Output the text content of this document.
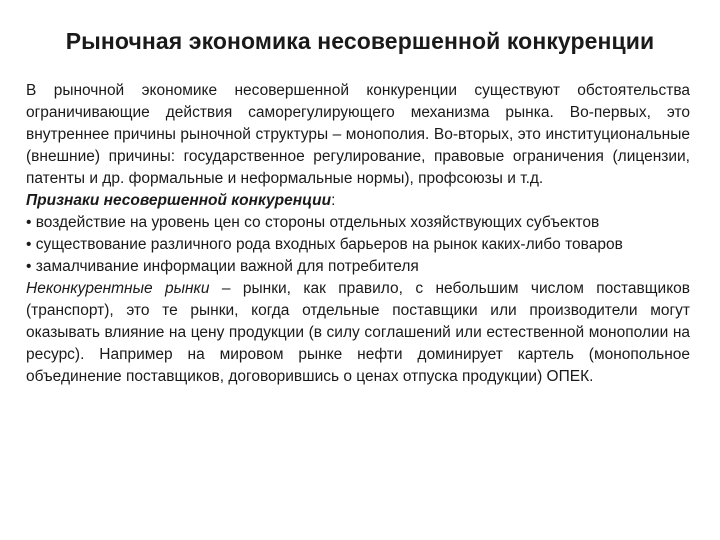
Рыночная экономика несовершенной конкуренции

В рыночной экономике несовершенной конкуренции существуют обстоятельства ограничивающие действия саморегулирующего механизма рынка. Во-первых, это внутреннее причины рыночной структуры – монополия. Во-вторых, это институциональные (внешние) причины: государственное регулирование, правовые ограничения (лицензии, патенты и др. формальные и неформальные нормы), профсоюзы и т.д.

Признаки несовершенной конкуренции:
• воздействие на уровень цен со стороны отдельных хозяйствующих субъектов
• существование различного рода входных барьеров на рынок каких-либо товаров
• замалчивание информации важной для потребителя

Неконкурентные рынки – рынки, как правило, с небольшим числом поставщиков (транспорт), это те рынки, когда отдельные поставщики или производители могут оказывать влияние на цену продукции (в силу соглашений или естественной монополии на ресурс). Например на мировом рынке нефти доминирует картель (монопольное объединение поставщиков, договорившись о ценах отпуска продукции) ОПЕК.
